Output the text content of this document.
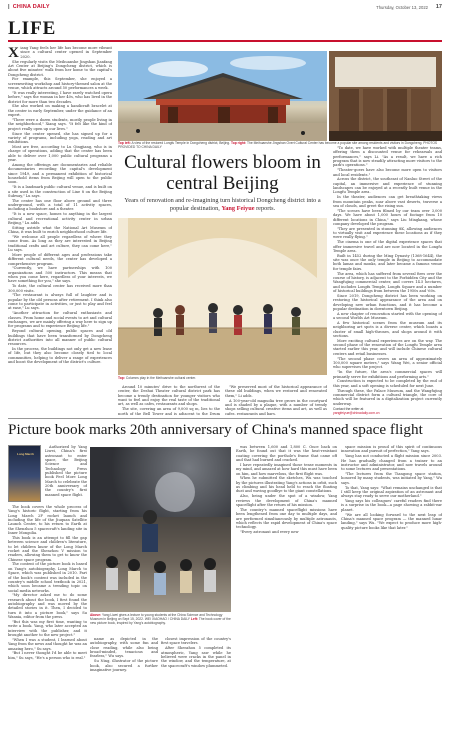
| CHINA DAILY	Thursday, October 13, 2022 17
LIFE
X iang Yang feels her life has become more vibrant since a cultural center opened in September 2020.

She regularly visits the Meihuanshe Jingshan Jianfang Art Center at Beijing's Dongcheng district, which is about five minutes' walk from her home to the capital's Dongcheng district.

For example, this September, she enjoyed a screenwriting workshop and history-themed salon at the venue, which attracts around 50 performances a week.

"It was really interesting, I have rarely watched opera before," says the woman in her 40s, who has lived in the district for more than two decades.

She also worked on making a handicraft bracelet at the center in early September, under the guidance of an expert.

"There were a dozen students, mostly people living in the neighborhood," Xiang says. "It felt like the kind of project really open up our lives."

Since the center opened, she has signed up for a variety of programs, including yoga, reading and art exhibitions.

Most are free, according to Lu Qingjiang, who is in charge of operations, adding that the center has been able to deliver over 1,000 public cultural programs a year.

Among the offerings are documentaries and reliable documentaries recording the capital's development since 1949, and a permanent exhibition of historical household items from Beijing will open to the public soon.

"It is a landmark public cultural venue, and is built on a site used in the construction of Line 8 on the Beijing Subway," Lu says.

The center has one floor above ground and three underground, with a total of 11 activity spaces, including a bookstore and a theater.

"It is a new space, homes to anything in the largest cultural and recreational activity center in urban Beijing," Lu adds.

Sitting astride what the National Art Museum of China, it was built to enrich neighborhood culture life.

"We welcome all people regardless of where they come from. As long as they are interested in Beijing traditional crafts and art culture, they can come here," Lu says.

More people of different ages and professions take different cultural needs, the center has developed a comprehensive program.

"Currently, we have partnerships with 100 organizations and 500 instructors. This means that when you come here, regardless of your interests, we have something for you," she says.

To date, the cultural center has received more than 300,000 visits.

"The restaurant is always full of laughter and is popular by the old persons after retirement. I think also come to participate in activities, or just to play and feel at ease," Lu says.

"Another attraction for cultural enthusiasts and classes. From home and social events to art and cultural exchanges, we are mainly offering a way here to sign up for programs and to experience Beijing life."

Beyond cultural opening, public spaces and old buildings that have been transformed by Dongcheng district authorities into all manner of public cultural resources.

In the process, the buildings not only get a new lease of life, but they also become closely tied to local communities, helping to deliver a range of experiences and boost the development of the district's culture.

Top left: A view of the restored Longfu Temple in Dongcheng district, Beijing. Top right: The Meihuanshe Jingshan Overt Cultural Center has become a popular site among residents and visitors in Dongcheng. PHOTOS PROVIDED TO CHINA DAILY
Cultural flowers bloom in central Beijing
Years of renovation and re-imagining turn historical Dongcheng district into a popular destination, Yang Feiyue reports.
Top: Columns play in the Meihuanshe cultural center.

Around 10 minutes' drive to the northwest of the center, the Deshui Theater cultural district park has become a trendy destination for younger visitors who want to feel and enjoy the real taste of the traditional art, as well as cafes, restaurants and shops.

The site, covering an area of 9,000 sq m, lies to the north of the Bell Tower and is adjacent to the Drum

"We preserved most of the historical appearance of these old buildings, when we restored and renovated them," Li adds.

A 100-year-old magnolia tree grows in the courtyard and is shaded by a plaque, with a number of trendy shops selling cultural creative items and art, as well as cafes, restaurants and bars.

"To date, we have worked with multiple theater teams, offering them a discounted venue for rehearsals and performances," says Li. "As a result, we have a rich program that is now steadily attracting more visitors to the park's operations."

"Theater-goers have also become more open to visitors and local residents."

Across the district, the southeast of Nanluo Street of the capital, an immersive and experience of stunning landscapes can be enjoyed at a recently built venue in the Longfu Temple area.

In the theater, audiences can get breathtaking views from mountain peaks, soar above vast deserts, traverse a sea of clouds, and greet the rising sun.

"The scenes have been filmed by our team over 3,000 days. We have about 1,000 hours of footage from 10 different locations in China," says Liu Mingkang, whose company developed the program.

"They are presented in stunning 8K, allowing audiences to virtually visit and experience these locations as if they were really flying."

The cinema is one of the digital experience spaces that offer immersive travel and are now located in the Longfu Temple area.

Built in 1452 during the Ming Dynasty (1368-1644), the site was once the only temple in Beijing to accommodate both lamas and monks, and later became a famous venue for temple fairs.

The area, which has suffered from several fires over the course of history, is adjacent to the Forbidden City and the Wangfujing commercial center, and covers 14.5 hectares, and includes Longfu Temple, Longfu Square and a number of historical buildings from between the 1950s and '60s.

Since 2019, Dongcheng district has been working on restoring the historical appearance of the area and on developing new urban functions, and it has become a popular destination in downtown Beijing.

A new chapter of renovation started with the opening of a second Worlds Art Museum.

A few historical scenes from the museum and its neighboring art spots is a diverse center, which boasts a cluster of small high-thrones, and shops around it with sections.

More exciting cultural experiences are on the way. The second phase of the renovation of the Longfu Temple area started earlier this year, and will include Chinese cultural centers and retail businesses.

"The second phase covers an area of approximately 100,000 square meters," says Wang Wei, a senior official who supervises the project.

"In the future, the area's commercial spaces will primarily serve for exhibitions and performing arts."

Construction is expected to be completed by the end of this year, and a soft opening is scheduled for next June.

Through these, the Palace Museum, and the Wangfujing commercial district form a cultural triangle, the core of which will be featured in a digitalization project currently underway.

Contact the writer at
yangfeiyue@chinadaily.com.cn
Picture book marks 20th anniversary of China's manned space flight
Long March

Authorized by Yang Liwei, China's first astronaut to enter space, the Beijing Science and Technology Press published the picture book Feel More Long March to celebrate the 20th anniversary of the country's first manned space flight.

The book covers the whole process of Yang's historic flight, starting from his Long March 2F rocket launch and including the life of the Jiuquan Satellite Launch Center, to his return to Earth at the Shenzhou 5 spacecraft's landing site in Inner Mongolia.

This book is an attempt to fill the gap between science and children's literature, to let children know of the Long March rocket and the Shenzhou V mission to readers, allowing them to get to know the Chinese space program.

The content of the picture book is based on Yang's autobiography, Long March to Space, which was published in 2010. Part of the book's content was included in the country's middle school textbook in 2021, which soon became a trending topic on social media networks.

"My director asked me to do some research about the book, I first found the autobiography and was moved by the detailed stories in it. Then, I decided to turn it into a picture book," says Su Wanxia, editor from the press.

"But this was my first time, wanting to write a book. Yang, who later accepted an interview with the publisher, and it brought another to the new project."

"When I was a student, I learned about Yang from the news and thought he was an amazing hero," Su says.

"But I never thought I'd be able to meet him," Su says, "He's a person who is real."

Above: Yang Liwei gives a lecture to young students at the China Science and Technology Museum in Beijing on Sept 15, 2022. WEI XIAOHAO / CHINA DAILY Left: The book cover of the new picture book, inspired by Yang's autobiography.

name as depicted in the autobiography, with some fun and close reading, while also being broad-minded, tenacious and fearless," Wu says.

Su Ning, illustrator of the picture book, also secured a further imaginative journey.

closest impression of the country's first space travelers.

After Shenzhou 5 completed its atmospheric, Yang saw while he believed were cracks in the panel in the window, and the temperature, at the spacecraft's window plummeted.

was between 1,600 and 1,800 C. Once back on Earth, he found out that it was the heat-resistant coating covering the porthole's frame that came off and that had burned and cracked.

I have repeatedly imagined those tense moments in my mind, and amazed at how hard this must have been on him, and how marvelous, the first flight was.

When he submitted the sketches, Wu was touched by the pictures illustrating Yang's actions in orbit, such as climbing and his head held to reach the floating dust and waving goodbye to the giant constellations.

Also, being under the spot of a window, Yang reviews the development of China's manned spaceflight after the return of his mission.

The country's manned spaceflight missions have been lengthened from one day to multiple days, and are performed simultaneously by multiple astronauts, which reflects the rapid development of China's space technology.

"Every astronaut and every new

space mission is proud of this spirit of continuous innovation and pursuit of perfection," Yang says.

Yang has not conducted a flight mission since 2003. He has gradually changed from a trainer to an instructor and administrator, and now travels around to some lectures and presentations.

"The lectures from the Tiangong space station, honored by many students, was initiated by Yang," Wu says.

To that, Yang says: "What remains unchanged is that I still keep the original aspiration of an astronaut and always stay ready to serve our motherland."

Yang says his colleagues' careful readers find there is a surprise in the book—a page showing a rabbit-ear planet.

"We are all looking forward to the next leap of China's manned space program — the manned lunar landing," says Wu. "We expect to produce more high-quality picture books like that later."
